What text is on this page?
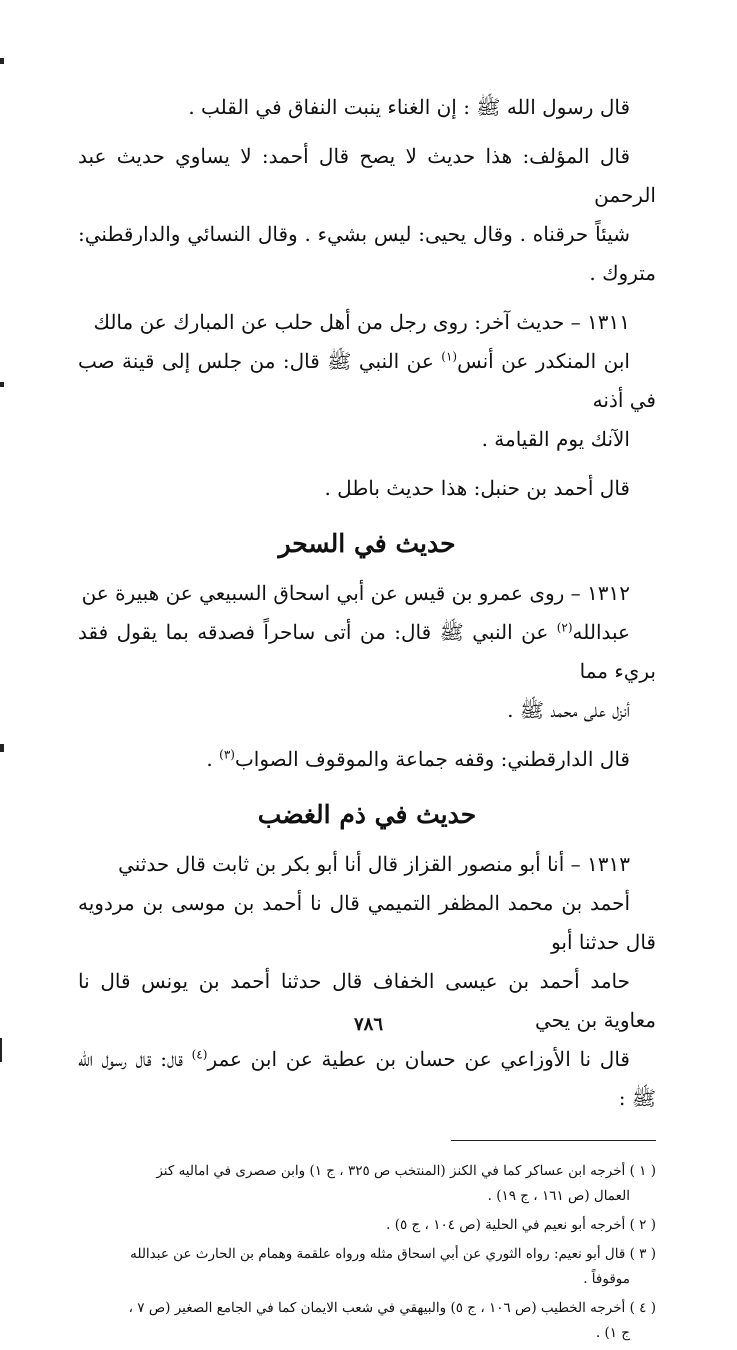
قال رسول الله ﷺ : إن الغناء ينبت النفاق في القلب .

قال المؤلف: هذا حديث لا يصح قال أحمد: لا يساوي حديث عبد الرحمن
شيئاً حرقناه . وقال يحيى: ليس بشيء . وقال النسائي والدارقطني: متروك .

١٣١١ – حديث آخر: روى رجل من أهل حلب عن المبارك عن مالك
ابن المنكدر عن أنس$^{(١)}$ عن النبي ﷺ قال: من جلس إلى قينة صب في أذنه
الآنك يوم القيامة .

قال أحمد بن حنبل: هذا حديث باطل .

حديث في السحر

١٣١٢ – روى عمرو بن قيس عن أبي اسحاق السبيعي عن هبيرة عن
عبدالله$^{(٢)}$ عن النبي ﷺ قال: من أتى ساحراً فصدقه بما يقول فقد بريء مما
أنزل على محمد ﷺ .

قال الدارقطني: وقفه جماعة والموقوف الصواب$^{(٣)}$ .

حديث في ذم الغضب

١٣١٣ – أنا أبو منصور القزاز قال أنا أبو بكر بن ثابت قال حدثني
أحمد بن محمد المظفر التميمي قال نا أحمد بن موسى بن مردويه قال حدثنا أبو
حامد أحمد بن عيسى الخفاف قال حدثنا أحمد بن يونس قال نا معاوية بن يحي
قال نا الأوزاعي عن حسان بن عطية عن ابن عمر$^{(٤)}$ قال: قال رسول الله ﷺ :

( ١ ) أخرجه ابن عساكر كما في الكنز (المنتخب ص ٣٢٥ ، ج ١) وابن صصرى في اماليه كنز
العمال (ص ١٦١ ، ج ١٩) .

( ٢ ) أخرجه أبو نعيم في الحلية (ص ١٠٤ ، ج ٥) .

( ٣ ) قال أبو نعيم: رواه الثوري عن أبي اسحاق مثله ورواه علقمة وهمام بن الحارث عن عبدالله
موقوفاً .

( ٤ ) أخرجه الخطيب (ص ١٠٦ ، ج ٥) والبيهقي في شعب الايمان كما في الجامع الصغير (ص ٧ ،
ج ١) .

٧٨٦
